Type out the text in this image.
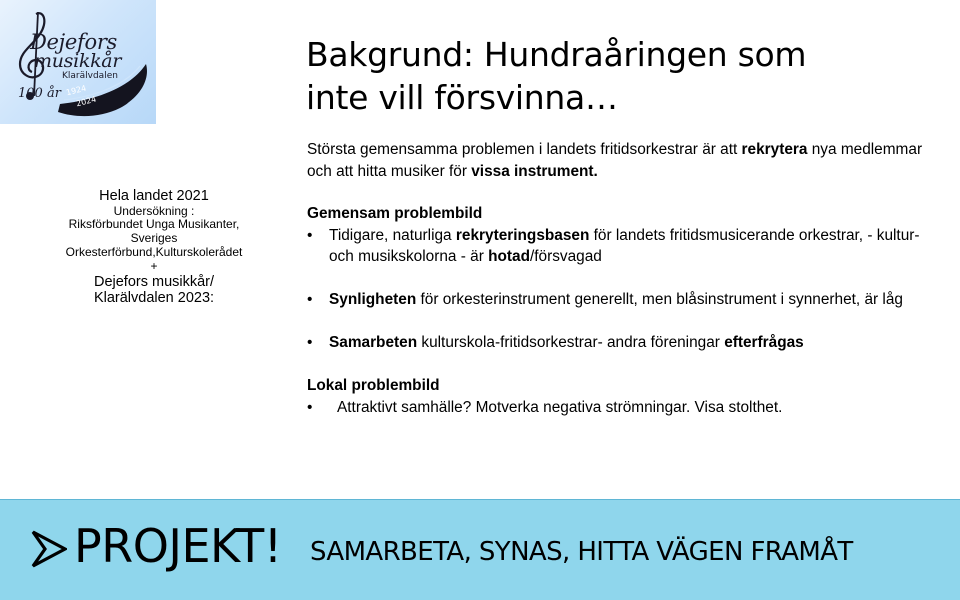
Dejefors
musikkår
Klarälvdalen
100 år 1924
2024
Hela landet 2021
Undersökning :
Riksförbundet Unga Musikanter,
Sveriges
Orkesterförbund,Kulturskolerådet
+
Dejefors musikkår/
Klarälvdalen 2023:
Bakgrund: Hundraåringen som
inte vill försvinna…

Största gemensamma problemen i landets fritidsorkestrar är att rekrytera nya medlemmar och att hitta musiker för vissa instrument.

Gemensam problembild

• Tidigare, naturliga rekryteringsbasen för landets fritidsmusicerande orkestrar, - kultur- och musikskolorna - är hotad/försvagad
• Synligheten för orkesterinstrument generellt, men blåsinstrument i synnerhet, är låg
• Samarbeten kulturskola-fritidsorkestrar- andra föreningar efterfrågas

Lokal problembild

• Attraktivt samhälle? Motverka negativa strömningar. Visa stolthet.
PROJEKT! SAMARBETA, SYNAS, HITTA VÄGEN FRAMÅT
